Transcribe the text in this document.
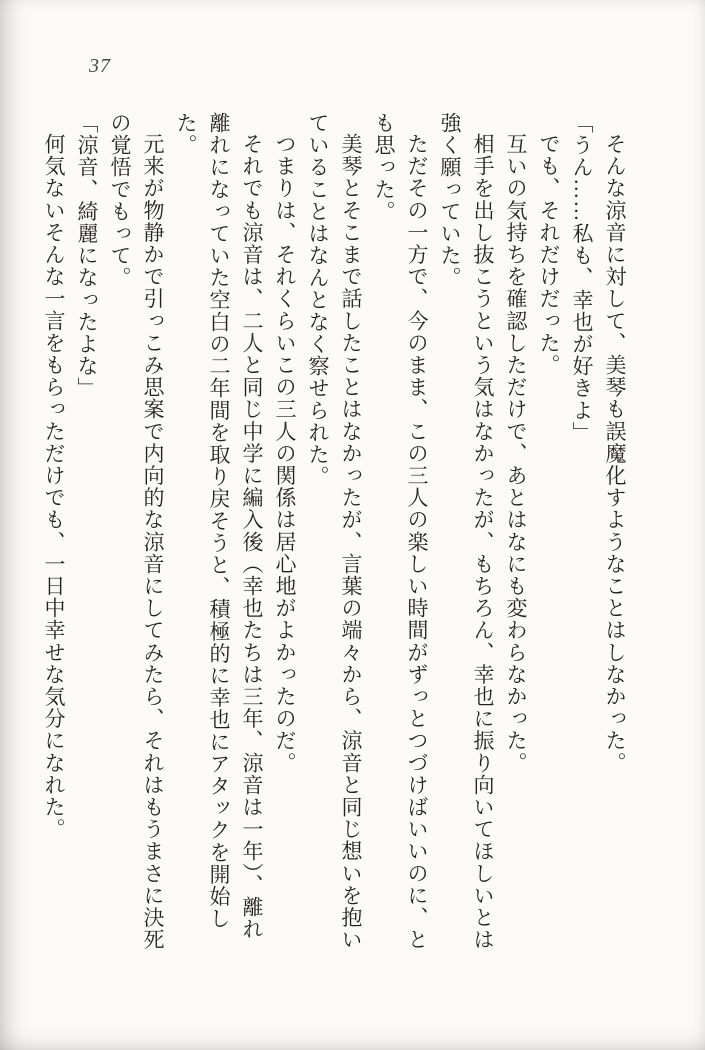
37

そんな涼音に対して、美琴も誤魔化すようなことはしなかった。

「うん……私も、幸也が好きよ」

でも、それだけだった。

互いの気持ちを確認しただけで、あとはなにも変わらなかった。

相手を出し抜こうという気はなかったが、もちろん、幸也に振り向いてほしいとは強く願っていた。

ただその一方で、今のまま、この三人の楽しい時間がずっとつづけばいいのに、とも思った。

美琴とそこまで話したことはなかったが、言葉の端々から、涼音と同じ想いを抱いていることはなんとなく察せられた。

つまりは、それくらいこの三人の関係は居心地がよかったのだ。

それでも涼音は、二人と同じ中学に編入後（幸也たちは三年、涼音は一年）、離れ離れになっていた空白の二年間を取り戻そうと、積極的に幸也にアタックを開始した。

元来が物静かで引っこみ思案で内向的な涼音にしてみたら、それはもうまさに決死の覚悟でもって。

「涼音、綺麗になったよな」

何気ないそんな一言をもらっただけでも、一日中幸せな気分になれた。
